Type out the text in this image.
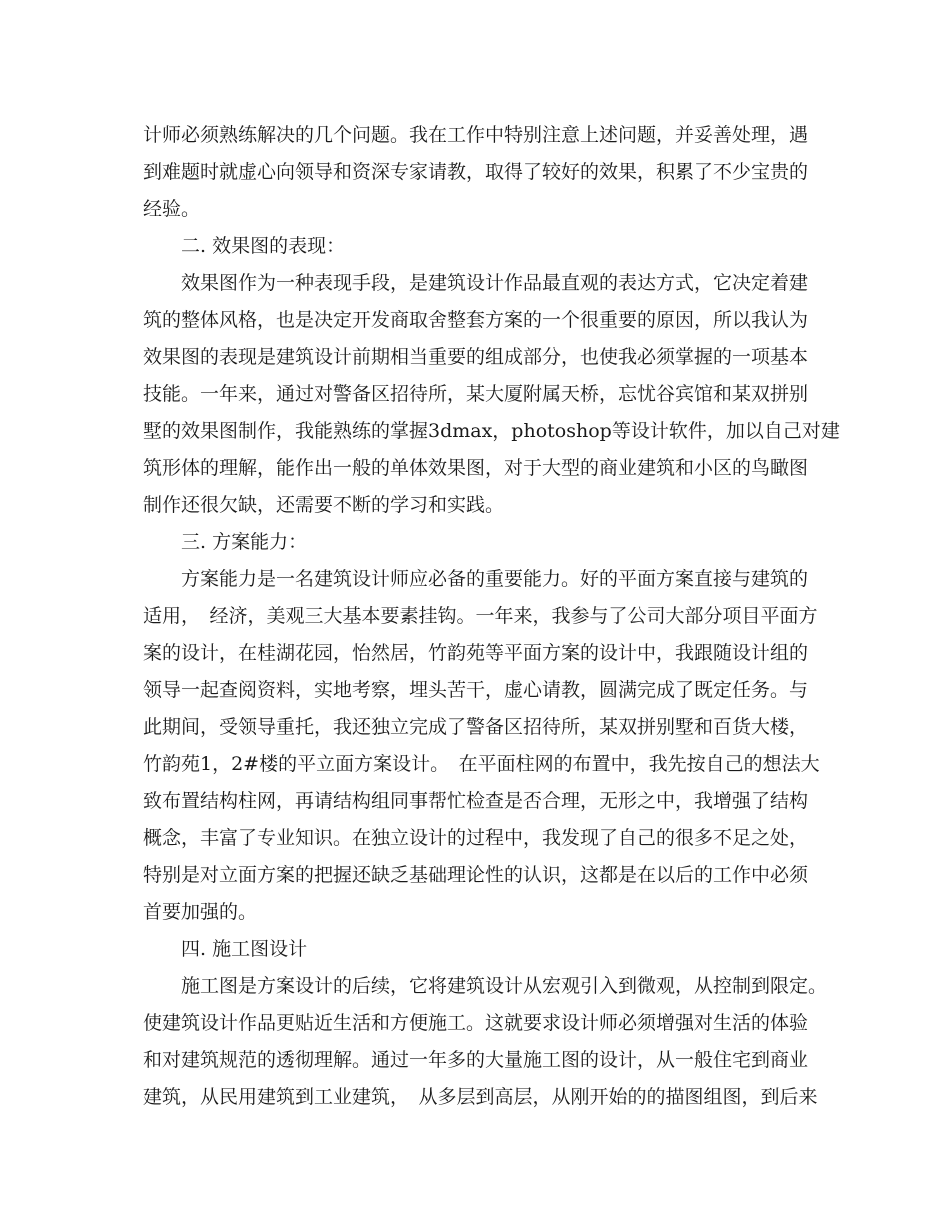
计师必须熟练解决的几个问题。我在工作中特别注意上述问题，并妥善处理，遇
到难题时就虚心向领导和资深专家请教，取得了较好的效果，积累了不少宝贵的
经验。
二. 效果图的表现：
效果图作为一种表现手段，是建筑设计作品最直观的表达方式，它决定着建
筑的整体风格，也是决定开发商取舍整套方案的一个很重要的原因，所以我认为
效果图的表现是建筑设计前期相当重要的组成部分，也使我必须掌握的一项基本
技能。一年来，通过对警备区招待所，某大厦附属天桥，忘忧谷宾馆和某双拼别
墅的效果图制作，我能熟练的掌握3dmax，photoshop等设计软件，加以自己对建
筑形体的理解，能作出一般的单体效果图，对于大型的商业建筑和小区的鸟瞰图
制作还很欠缺，还需要不断的学习和实践。
三. 方案能力：
方案能力是一名建筑设计师应必备的重要能力。好的平面方案直接与建筑的
适用，　经济，美观三大基本要素挂钩。一年来，我参与了公司大部分项目平面方
案的设计，在桂湖花园，怡然居，竹韵苑等平面方案的设计中，我跟随设计组的
领导一起查阅资料，实地考察，埋头苦干，虚心请教，圆满完成了既定任务。与
此期间，受领导重托，我还独立完成了警备区招待所，某双拼别墅和百货大楼，
竹韵苑1，2#楼的平立面方案设计。　在平面柱网的布置中，我先按自己的想法大
致布置结构柱网，再请结构组同事帮忙检查是否合理，无形之中，我增强了结构
概念，丰富了专业知识。在独立设计的过程中，我发现了自己的很多不足之处，
特别是对立面方案的把握还缺乏基础理论性的认识，这都是在以后的工作中必须
首要加强的。
四. 施工图设计
施工图是方案设计的后续，它将建筑设计从宏观引入到微观，从控制到限定。
使建筑设计作品更贴近生活和方便施工。这就要求设计师必须增强对生活的体验
和对建筑规范的透彻理解。通过一年多的大量施工图的设计，从一般住宅到商业
建筑，从民用建筑到工业建筑，　从多层到高层，从刚开始的的描图组图，到后来
